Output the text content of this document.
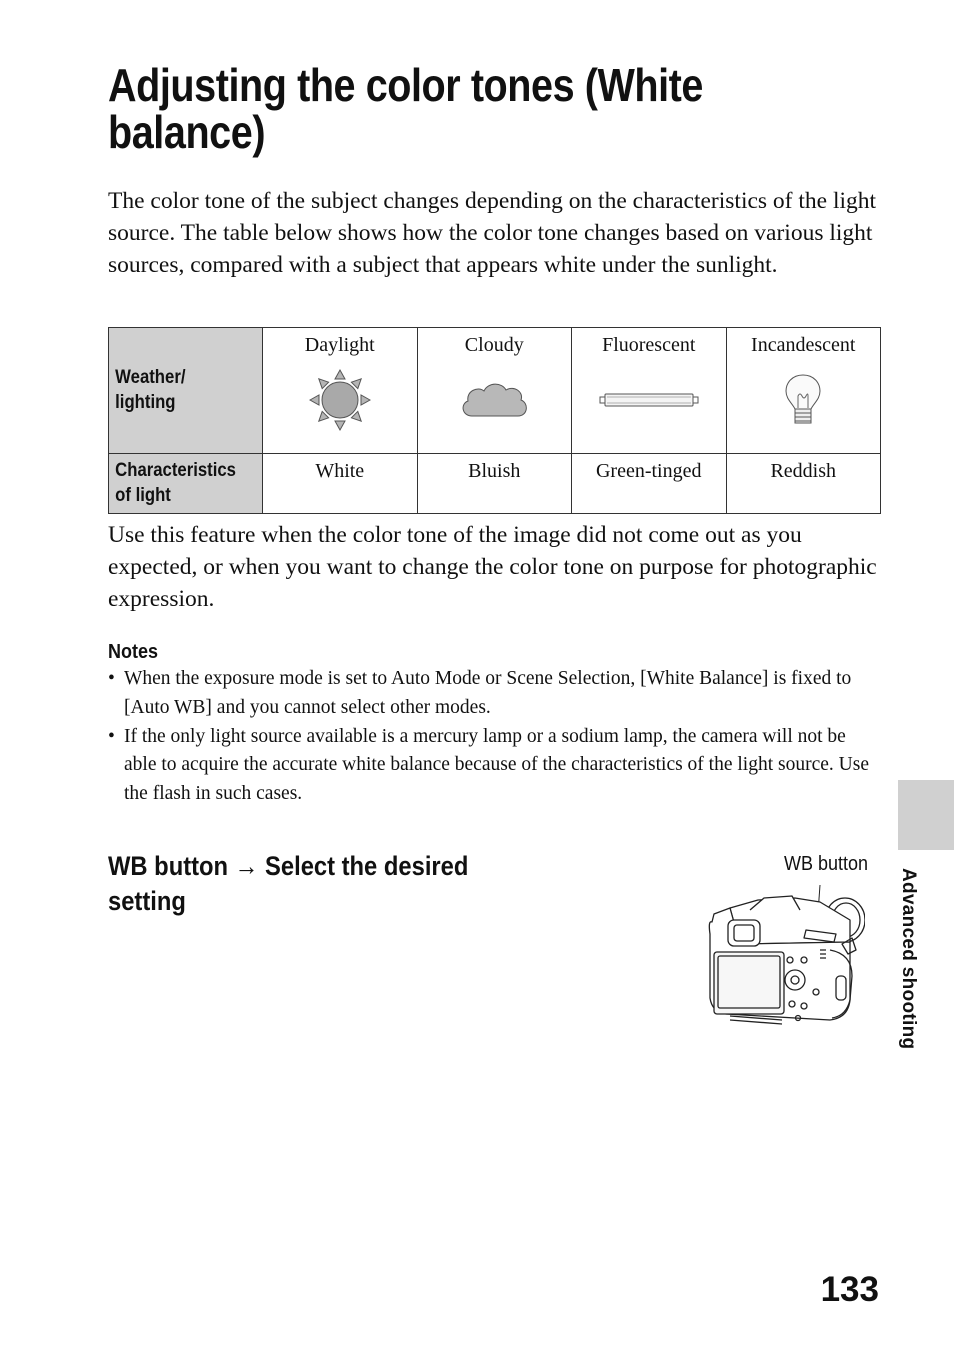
Adjusting the color tones (White
balance)

The color tone of the subject changes depending on the characteristics of the light source. The table below shows how the color tone changes based on various light sources, compared with a subject that appears white under the sunlight.

Weather/ lighting	Daylight	Cloudy	Fluorescent	Incandescent

Characteristics of light	White	Bluish	Green-tinged	Reddish

Use this feature when the color tone of the image did not come out as you expected, or when you want to change the color tone on purpose for photographic expression.

Notes
• When the exposure mode is set to Auto Mode or Scene Selection, [White Balance] is fixed to [Auto WB] and you cannot select other modes.
• If the only light source available is a mercury lamp or a sodium lamp, the camera will not be able to acquire the accurate white balance because of the characteristics of the light source. Use the flash in such cases.
WB button → Select the desired setting
WB button
Advanced shooting
133
